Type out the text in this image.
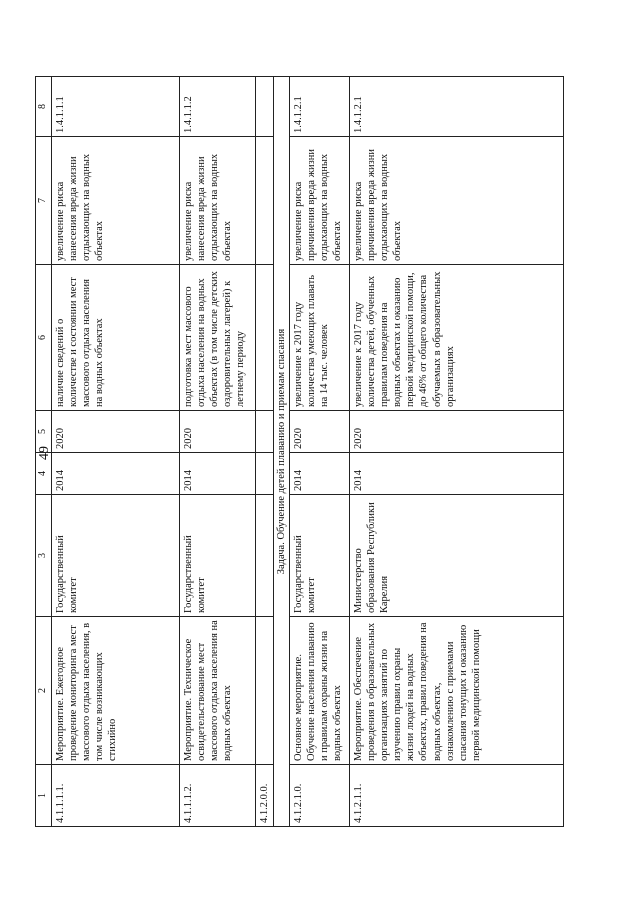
49
1	2	3	4	5	6	7	8
4.1.1.1.1.	Мероприятие. Ежегодное проведение мониторинга мест массового отдыха населения, в том числе возникающих стихийно	Государственный комитет	2014	2020	наличие сведений о количестве и состоянии мест массового отдыха населения на водных объектах	увеличение риска нанесения вреда жизни отдыхающих на водных объектах	1.4.1.1.1
4.1.1.1.2.	Мероприятие. Техническое освидетельствование мест массового отдыха населения на водных объектах	Государственный комитет	2014	2020	подготовка мест массового отдыха населения на водных объектах (в том числе детских оздоровительных лагерей) к летнему периоду	увеличение риска нанесения вреда жизни отдыхающих на водных объектах	1.4.1.1.2
4.1.2.0.0.							
Задача. Обучение детей плаванию и приемам спасания							
4.1.2.1.0.	Основное мероприятие. Обучение населения плаванию и правилам охраны жизни на водных объектах	Государственный комитет	2014	2020	увеличение к 2017 году количества умеющих плавать на 14 тыс. человек	увеличение риска причинения вреда жизни отдыхающих на водных объектах	1.4.1.2.1
4.1.2.1.1.	Мероприятие. Обеспечение проведения в образовательных организациях занятий по изучению правил охраны жизни людей на водных объектах, правил поведения на водных объектах, ознакомлению с приемами спасания тонущих и оказанию первой медицинской помощи	Министерство образования Республики Карелия	2014	2020	увеличение к 2017 году количества детей, обученных правилам поведения на водных объектах и оказанию первой медицинской помощи, до 46% от общего количества обучаемых в образовательных организациях	увеличение риска причинения вреда жизни отдыхающих на водных объектах	1.4.1.2.1
